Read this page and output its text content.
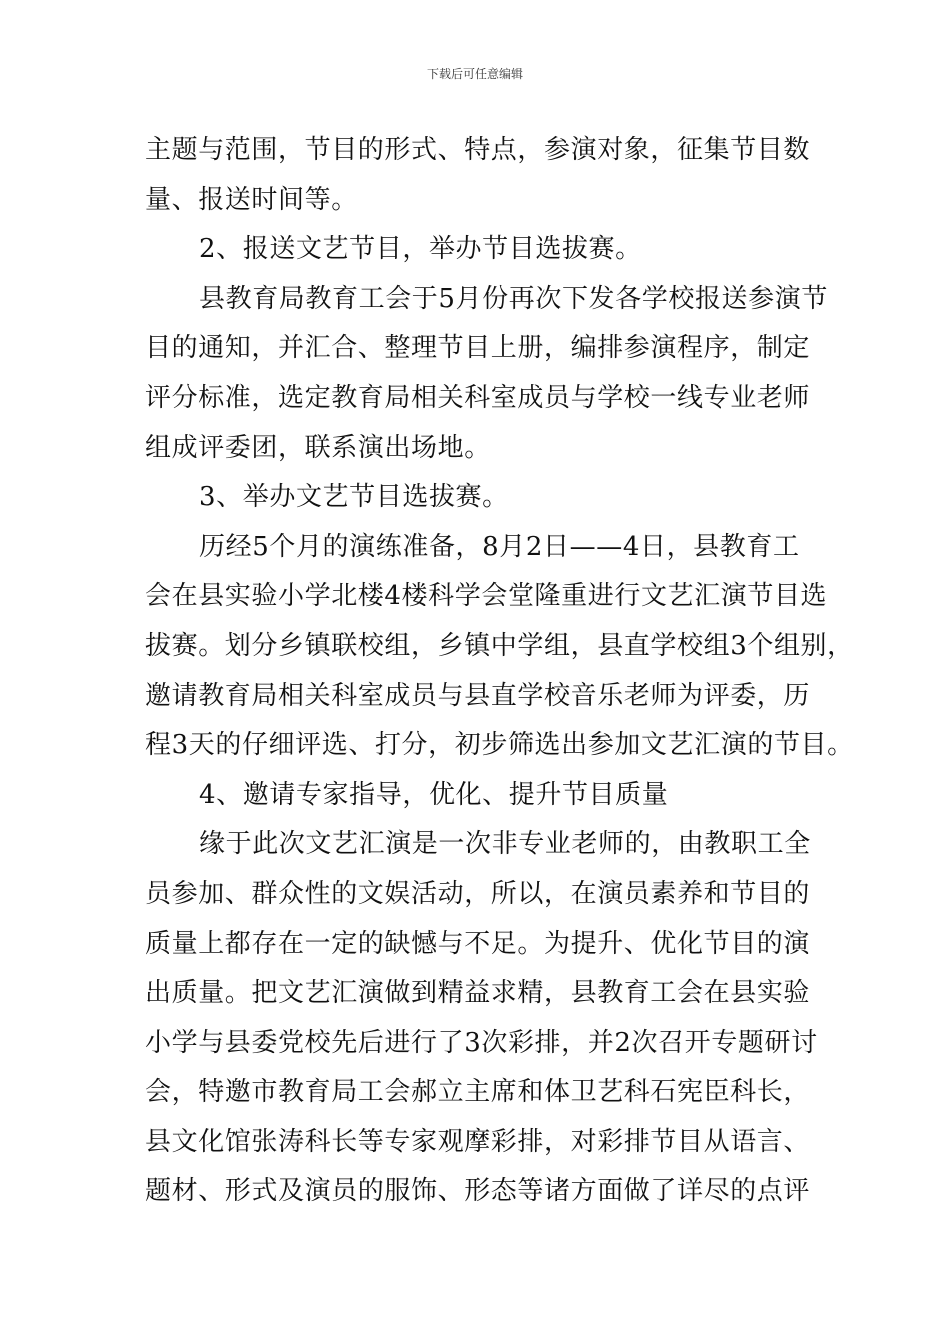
下载后可任意编辑
主题与范围，节目的形式、特点，参演对象，征集节目数
量、报送时间等。
2、报送文艺节目，举办节目选拔赛。
县教育局教育工会于5月份再次下发各学校报送参演节
目的通知，并汇合、整理节目上册，编排参演程序，制定
评分标准，选定教育局相关科室成员与学校一线专业老师
组成评委团，联系演出场地。
3、举办文艺节目选拔赛。
历经5个月的演练准备，8月2日——4日，县教育工
会在县实验小学北楼4楼科学会堂隆重进行文艺汇演节目选
拔赛。划分乡镇联校组，乡镇中学组，县直学校组3个组别，
邀请教育局相关科室成员与县直学校音乐老师为评委，历
程3天的仔细评选、打分，初步筛选出参加文艺汇演的节目。
4、邀请专家指导，优化、提升节目质量
缘于此次文艺汇演是一次非专业老师的，由教职工全
员参加、群众性的文娱活动，所以，在演员素养和节目的
质量上都存在一定的缺憾与不足。为提升、优化节目的演
出质量。把文艺汇演做到精益求精，县教育工会在县实验
小学与县委党校先后进行了3次彩排，并2次召开专题研讨
会，特邀市教育局工会郝立主席和体卫艺科石宪臣科长，
县文化馆张涛科长等专家观摩彩排，对彩排节目从语言、
题材、形式及演员的服饰、形态等诸方面做了详尽的点评
